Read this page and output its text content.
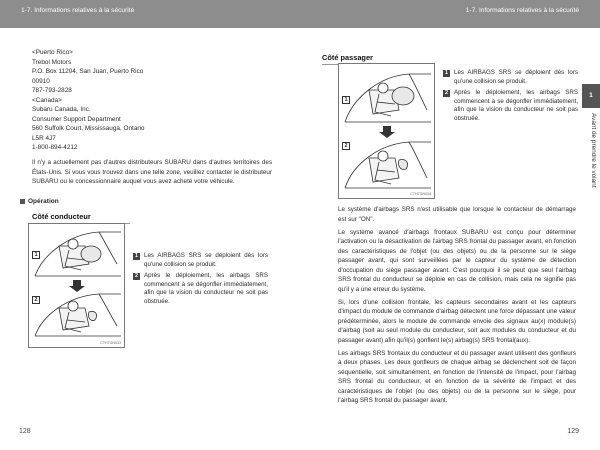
1-7. Informations relatives à la sécurité
<Puerto Rico>
Trebol Motors
P.O. Box 11204, San Juan, Puerto Rico
00910
787-793-2828
<Canada>
Subaru Canada, Inc.
Consumer Support Department
560 Suffolk Court, Mississauga, Ontario
L5R 4J7
1-800-894-4212

Il n'y a actuellement pas d'autres distributeurs SUBARU dans d'autres territoires des États-Unis. Si vous vous trouvez dans une telle zone, veuillez contacter le distributeur SUBARU ou le concessionnaire auquel vous avez acheté votre véhicule.

Opération
Côté conducteur
1
2
CTH7GN033
1 Les AIRBAGS SRS se déploient dès lors qu'une collision se produit.
2 Après le déploiement, les airbags SRS commencent à se dégonfler immédiatement, afin que la vision du conducteur ne soit pas obstruée.
128
1-7. Informations relatives à la sécurité
Côté passager
1
2
CTH7GN034
1 Les AIRBAGS SRS se déploient dès lors qu'une collision se produit.
2 Après le déploiement, les airbags SRS commencent à se dégonfler immédiatement, afin que la vision du conducteur ne soit pas obstruée.

Le système d'airbags SRS n'est utilisable que lorsque le contacteur de démarrage est sur "ON".

Le système avancé d'airbags frontaux SUBARU est conçu pour déterminer l'activation ou la désactivation de l'airbag SRS frontal du passager avant, en fonction des caractéristiques de l'objet (ou des objets) ou de la personne sur le siège passager avant, qui sont surveillées par le capteur du système de détection d'occupation du siège passager avant. C'est pourquoi il se peut que seul l'airbag SRS frontal du conducteur se déploie en cas de collision, mais cela ne signifie pas qu'il y a une erreur du système.

Si, lors d'une collision frontale, les capteurs secondaires avant et les capteurs d'impact du module de commande d'airbag détectent une force dépassant une valeur prédéterminée, alors le module de commande envoie des signaux au(x) module(s) d'airbag (soit au seul module du conducteur, soit aux modules du conducteur et du passager avant) afin qu'il(s) gonflent le(s) airbag(s) SRS frontal(aux).

Les airbags SRS frontaux du conducteur et du passager avant utilisent des gonfleurs à deux phases. Les deux gonfleurs de chaque airbag se déclenchent soit de façon séquentielle, soit simultanément, en fonction de l'intensité de l'impact, pour l'airbag SRS frontal du conducteur, et en fonction de la sévérité de l'impact et des caractéristiques de l'objet (ou des objets) ou de la personne sur le siège, pour l'airbag SRS frontal du passager avant.

1
Avant de prendre le volant
129
